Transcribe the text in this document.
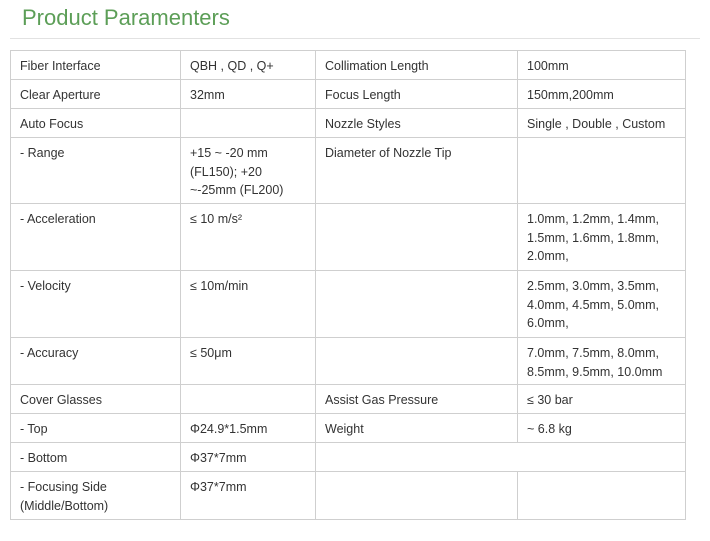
Product Paramenters
Fiber Interface	QBH , QD , Q+	Collimation Length	100mm
Clear Aperture	32mm	Focus Length	150mm,200mm
Auto Focus		Nozzle Styles	Single , Double , Custom
- Range	+15 ~ -20 mm (FL150); +20 ~-25mm (FL200)	Diameter of Nozzle Tip	
- Acceleration	≤ 10 m/s²		1.0mm, 1.2mm, 1.4mm, 1.5mm, 1.6mm, 1.8mm, 2.0mm,
- Velocity	≤ 10m/min		2.5mm, 3.0mm, 3.5mm, 4.0mm, 4.5mm, 5.0mm, 6.0mm,
- Accuracy	≤ 50μm		7.0mm, 7.5mm, 8.0mm, 8.5mm, 9.5mm, 10.0mm
Cover Glasses		Assist Gas Pressure	≤ 30 bar
- Top	Φ24.9*1.5mm	Weight	~ 6.8 kg
- Bottom	Φ37*7mm		
- Focusing Side (Middle/Bottom)	Φ37*7mm		
